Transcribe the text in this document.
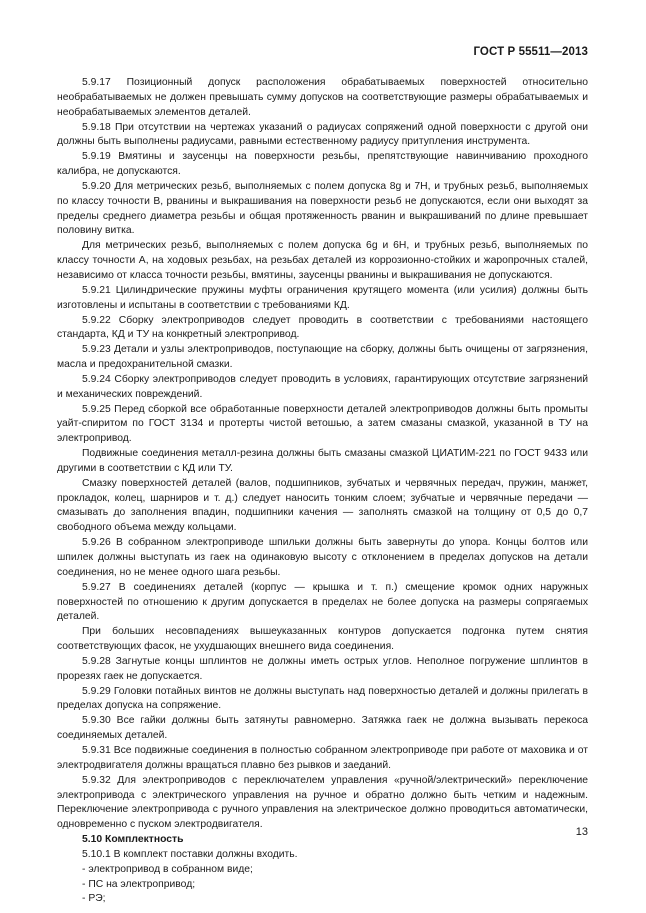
ГОСТ Р 55511—2013

5.9.17 Позиционный допуск расположения обрабатываемых поверхностей относительно необрабатываемых не должен превышать сумму допусков на соответствующие размеры обрабатываемых и необрабатываемых элементов деталей.

5.9.18 При отсутствии на чертежах указаний о радиусах сопряжений одной поверхности с другой они должны быть выполнены радиусами, равными естественному радиусу притупления инструмента.

5.9.19 Вмятины и заусенцы на поверхности резьбы, препятствующие навинчиванию проходного калибра, не допускаются.

5.9.20 Для метрических резьб, выполняемых с полем допуска 8g и 7H, и трубных резьб, выполняемых по классу точности B, рванины и выкрашивания на поверхности резьб не допускаются, если они выходят за пределы среднего диаметра резьбы и общая протяженность рванин и выкрашиваний по длине превышает половину витка.

Для метрических резьб, выполняемых с полем допуска 6g и 6H, и трубных резьб, выполняемых по классу точности A, на ходовых резьбах, на резьбах деталей из коррозионно-стойких и жаропрочных сталей, независимо от класса точности резьбы, вмятины, заусенцы рванины и выкрашивания не допускаются.

5.9.21 Цилиндрические пружины муфты ограничения крутящего момента (или усилия) должны быть изготовлены и испытаны в соответствии с требованиями КД.

5.9.22 Сборку электроприводов следует проводить в соответствии с требованиями настоящего стандарта, КД и ТУ на конкретный электропривод.

5.9.23 Детали и узлы электроприводов, поступающие на сборку, должны быть очищены от загрязнения, масла и предохранительной смазки.

5.9.24 Сборку электроприводов следует проводить в условиях, гарантирующих отсутствие загрязнений и механических повреждений.

5.9.25 Перед сборкой все обработанные поверхности деталей электроприводов должны быть промыты уайт-спиритом по ГОСТ 3134 и протерты чистой ветошью, а затем смазаны смазкой, указанной в ТУ на электропривод.

Подвижные соединения металл-резина должны быть смазаны смазкой ЦИАТИМ-221 по ГОСТ 9433 или другими в соответствии с КД или ТУ.

Смазку поверхностей деталей (валов, подшипников, зубчатых и червячных передач, пружин, манжет, прокладок, колец, шарниров и т. д.) следует наносить тонким слоем; зубчатые и червячные передачи — смазывать до заполнения впадин, подшипники качения — заполнять смазкой на толщину от 0,5 до 0,7 свободного объема между кольцами.

5.9.26 В собранном электроприводе шпильки должны быть завернуты до упора. Концы болтов или шпилек должны выступать из гаек на одинаковую высоту с отклонением в пределах допусков на детали соединения, но не менее одного шага резьбы.

5.9.27 В соединениях деталей (корпус — крышка и т. п.) смещение кромок одних наружных поверхностей по отношению к другим допускается в пределах не более допуска на размеры сопрягаемых деталей.

При больших несовпадениях вышеуказанных контуров допускается подгонка путем снятия соответствующих фасок, не ухудшающих внешнего вида соединения.

5.9.28 Загнутые концы шплинтов не должны иметь острых углов. Неполное погружение шплинтов в прорезях гаек не допускается.

5.9.29 Головки потайных винтов не должны выступать над поверхностью деталей и должны прилегать в пределах допуска на сопряжение.

5.9.30 Все гайки должны быть затянуты равномерно. Затяжка гаек не должна вызывать перекоса соединяемых деталей.

5.9.31 Все подвижные соединения в полностью собранном электроприводе при работе от маховика и от электродвигателя должны вращаться плавно без рывков и заеданий.

5.9.32 Для электроприводов с переключателем управления «ручной/электрический» переключение электропривода с электрического управления на ручное и обратно должно быть четким и надежным. Переключение электропривода с ручного управления на электрическое должно проводиться автоматически, одновременно с пуском электродвигателя.

5.10 Комплектность

5.10.1 В комплект поставки должны входить.

- электропривод в собранном виде;

- ПС на электропривод;

- РЭ;

13
